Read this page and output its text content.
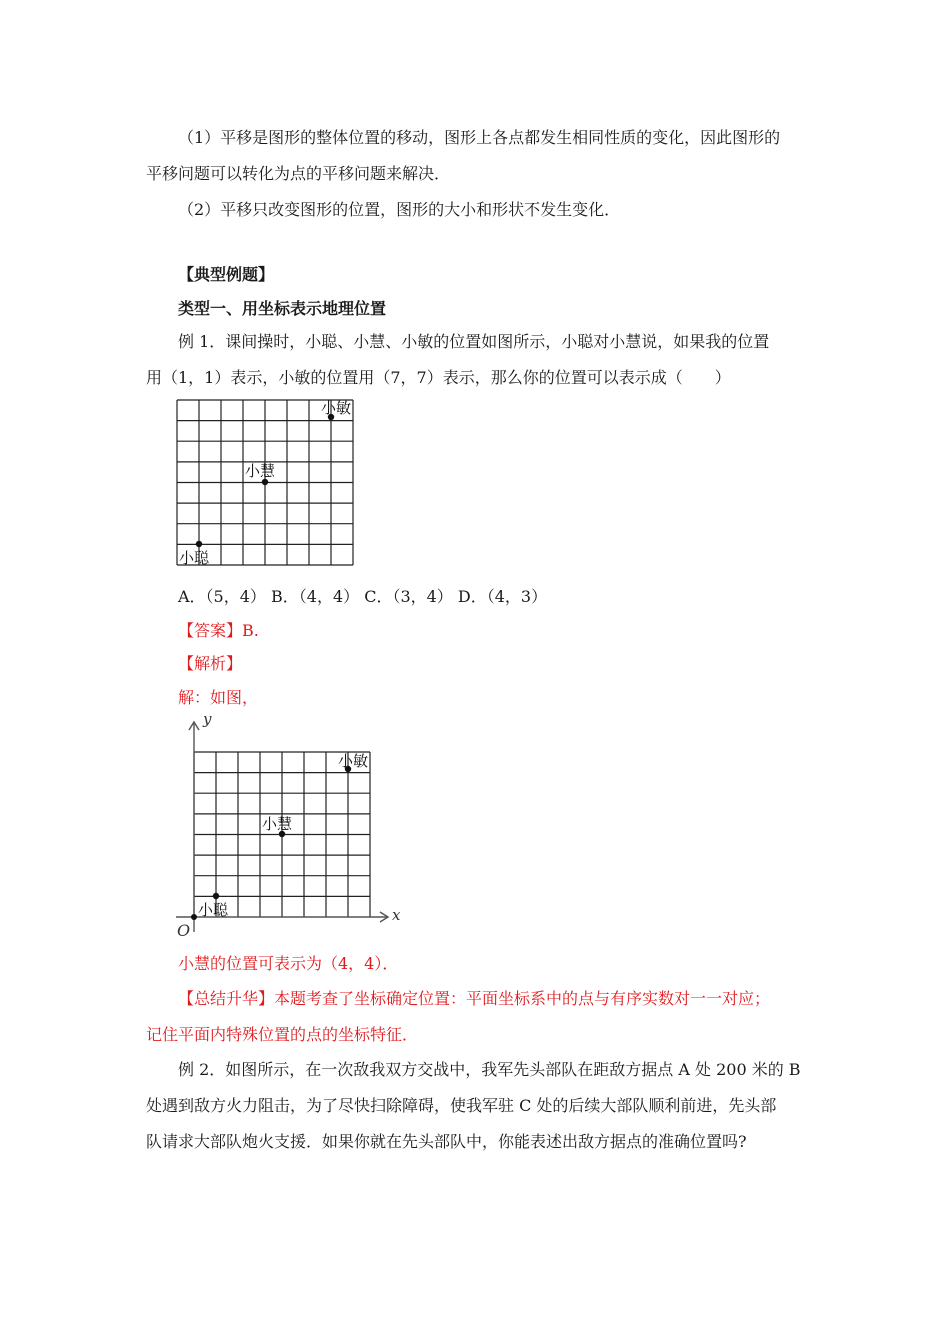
（1）平移是图形的整体位置的移动，图形上各点都发生相同性质的变化，因此图形的
平移问题可以转化为点的平移问题来解决．
（2）平移只改变图形的位置，图形的大小和形状不发生变化．
【典型例题】
类型一、用坐标表示地理位置
例 1．课间操时，小聪、小慧、小敏的位置如图所示，小聪对小慧说，如果我的位置
用（1，1）表示，小敏的位置用（7，7）表示，那么你的位置可以表示成（　　）
小聪
小慧
小敏
A．（5，4） B．（4，4） C．（3，4） D．（4，3）
【答案】B.
【解析】
解：如图，
y
x
O
小聪
小慧
小敏
小慧的位置可表示为（4，4）．
【总结升华】本题考查了坐标确定位置：平面坐标系中的点与有序实数对一一对应；
记住平面内特殊位置的点的坐标特征．
例 2．如图所示，在一次敌我双方交战中，我军先头部队在距敌方据点 A 处 200 米的 B
处遇到敌方火力阻击，为了尽快扫除障碍，使我军驻 C 处的后续大部队顺利前进，先头部
队请求大部队炮火支援．如果你就在先头部队中，你能表述出敌方据点的准确位置吗?
